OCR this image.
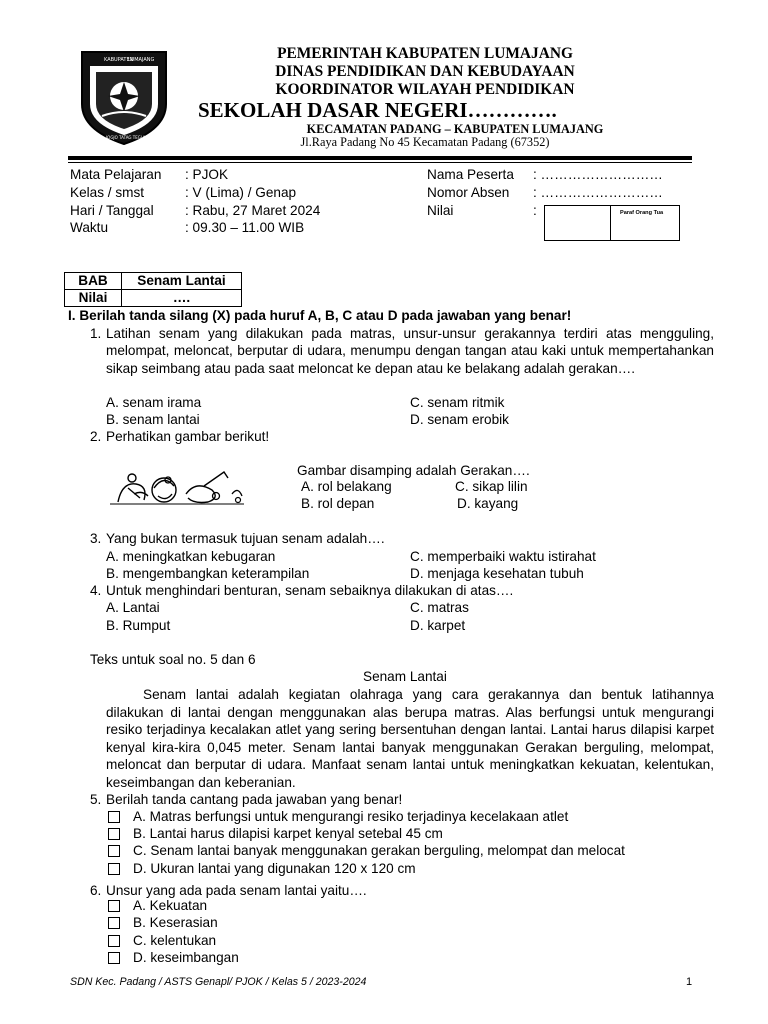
KABUPATEN
LUMAJANG
JOGJO TATAG TEGUH
PEMERINTAH KABUPATEN LUMAJANG
DINAS PENDIDIKAN DAN KEBUDAYAAN
KOORDINATOR WILAYAH PENDIDIKAN
SEKOLAH DASAR NEGERI………….
KECAMATAN PADANG – KABUPATEN LUMAJANG
Jl.Raya Padang No 45 Kecamatan Padang (67352)
Mata Pelajaran : PJOK
Kelas / smst	: V (Lima) / Genap
Hari / Tanggal : Rabu, 27 Maret 2024
Waktu	: 09.30 – 11.00 WIB
Nama Peserta : ………………………
Nomor Absen : ………………………
Nilai	:	Paraf Orang Tua
BAB	Senam Lantai
Nilai	….
I. Berilah tanda silang (X) pada huruf A, B, C atau D pada jawaban yang benar!
1. Latihan senam yang dilakukan pada matras, unsur-unsur gerakannya terdiri atas mengguling, melompat, meloncat, berputar di udara, menumpu dengan tangan atau kaki untuk mempertahankan sikap seimbang atau pada saat meloncat ke depan atau ke belakang adalah gerakan….
A. senam irama	C. senam ritmik
B. senam lantai	D. senam erobik
2. Perhatikan gambar berikut!
Gambar disamping adalah Gerakan….
A. rol belakang	C. sikap lilin
B. rol depan	D. kayang
3. Yang bukan termasuk tujuan senam adalah….
A. meningkatkan kebugaran	C. memperbaiki waktu istirahat
B. mengembangkan keterampilan	D. menjaga kesehatan tubuh
4. Untuk menghindari benturan, senam sebaiknya dilakukan di atas….
A. Lantai	C. matras
B. Rumput	D. karpet
Teks untuk soal no. 5 dan 6
Senam Lantai
Senam lantai adalah kegiatan olahraga yang cara gerakannya dan bentuk latihannya dilakukan di lantai dengan menggunakan alas berupa matras. Alas berfungsi untuk mengurangi resiko terjadinya kecalakan atlet yang sering bersentuhan dengan lantai. Lantai harus dilapisi karpet kenyal kira-kira 0,045 meter. Senam lantai banyak menggunakan Gerakan berguling, melompat, meloncat dan berputar di udara. Manfaat senam lantai untuk meningkatkan kekuatan, kelentukan, keseimbangan dan keberanian.
5. Berilah tanda cantang pada jawaban yang benar!
A. Matras berfungsi untuk mengurangi resiko terjadinya kecelakaan atlet
B. Lantai harus dilapisi karpet kenyal setebal 45 cm
C. Senam lantai banyak menggunakan gerakan berguling, melompat dan melocat
D. Ukuran lantai yang digunakan 120 x 120 cm
6. Unsur yang ada pada senam lantai yaitu….
A. Kekuatan
B. Keserasian
C. kelentukan
D. keseimbangan
SDN Kec. Padang / ASTS Genapl/ PJOK / Kelas 5 / 2023-2024	1
